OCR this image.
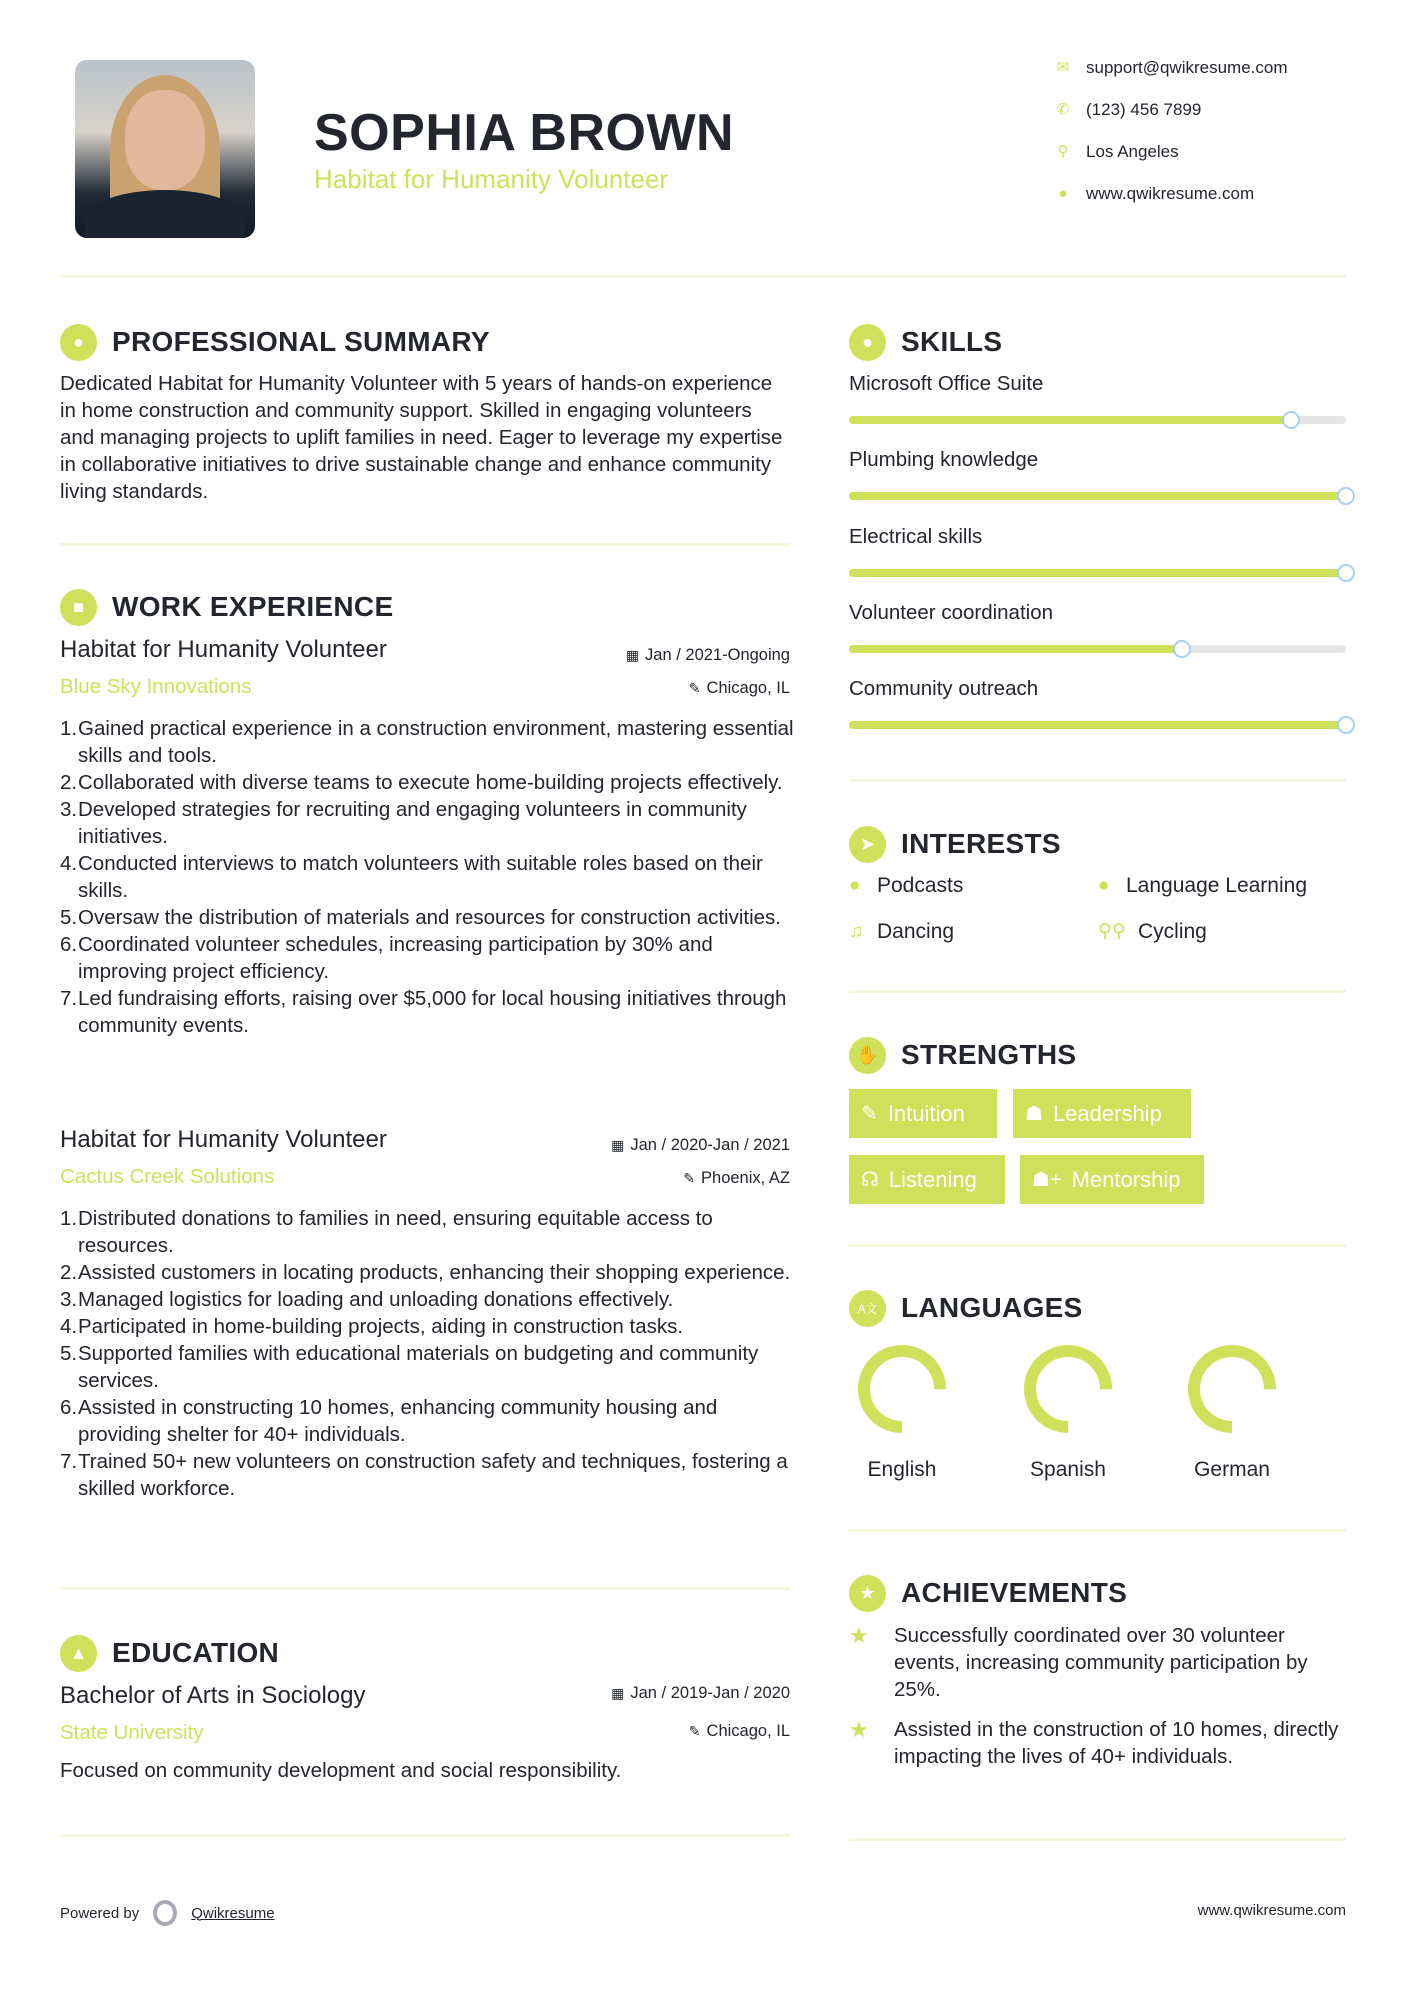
SOPHIA BROWN
Habitat for Humanity Volunteer
✉ support@qwikresume.com
✆ (123) 456 7899
⚲ Los Angeles
●	www.qwikresume.com
●	PROFESSIONAL SUMMARY
Dedicated Habitat for Humanity Volunteer with 5 years of hands-on experience in home construction and community support. Skilled in engaging volunteers and managing projects to uplift families in need. Eager to leverage my expertise in collaborative initiatives to drive sustainable change and enhance community living standards.
■	WORK EXPERIENCE
Habitat for Humanity Volunteer	▦ Jan / 2021-Ongoing
Blue Sky Innovations	✎ Chicago, IL
1. Gained practical experience in a construction environment, mastering essential skills and tools.
2. Collaborated with diverse teams to execute home-building projects effectively.
3. Developed strategies for recruiting and engaging volunteers in community initiatives.
4. Conducted interviews to match volunteers with suitable roles based on their skills.
5. Oversaw the distribution of materials and resources for construction activities.
6. Coordinated volunteer schedules, increasing participation by 30% and improving project efficiency.
7. Led fundraising efforts, raising over $5,000 for local housing initiatives through community events.
Habitat for Humanity Volunteer	▦ Jan / 2020-Jan / 2021
Cactus Creek Solutions	✎ Phoenix, AZ
1. Distributed donations to families in need, ensuring equitable access to resources.
2. Assisted customers in locating products, enhancing their shopping experience.
3. Managed logistics for loading and unloading donations effectively.
4. Participated in home-building projects, aiding in construction tasks.
5. Supported families with educational materials on budgeting and community services.
6. Assisted in constructing 10 homes, enhancing community housing and providing shelter for 40+ individuals.
7. Trained 50+ new volunteers on construction safety and techniques, fostering a skilled workforce.
▲ EDUCATION
Bachelor of Arts in Sociology	▦ Jan / 2019-Jan / 2020
State University	✎ Chicago, IL
Focused on community development and social responsibility.
●	SKILLS
Microsoft Office Suite
Plumbing knowledge
Electrical skills
Volunteer coordination
Community outreach
➤ INTERESTS
● Podcasts	● Language Learning
♫ Dancing	⚲⚲ Cycling
✋ STRENGTHS
✎ Intuition	☗ Leadership
☊ Listening	☗+ Mentorship
A文 LANGUAGES
English	Spanish	German
★ ACHIEVEMENTS
★	Successfully coordinated over 30 volunteer events, increasing community participation by 25%.
★	Assisted in the construction of 10 homes, directly impacting the lives of 40+ individuals.
Powered by	Qwikresume	www.qwikresume.com
